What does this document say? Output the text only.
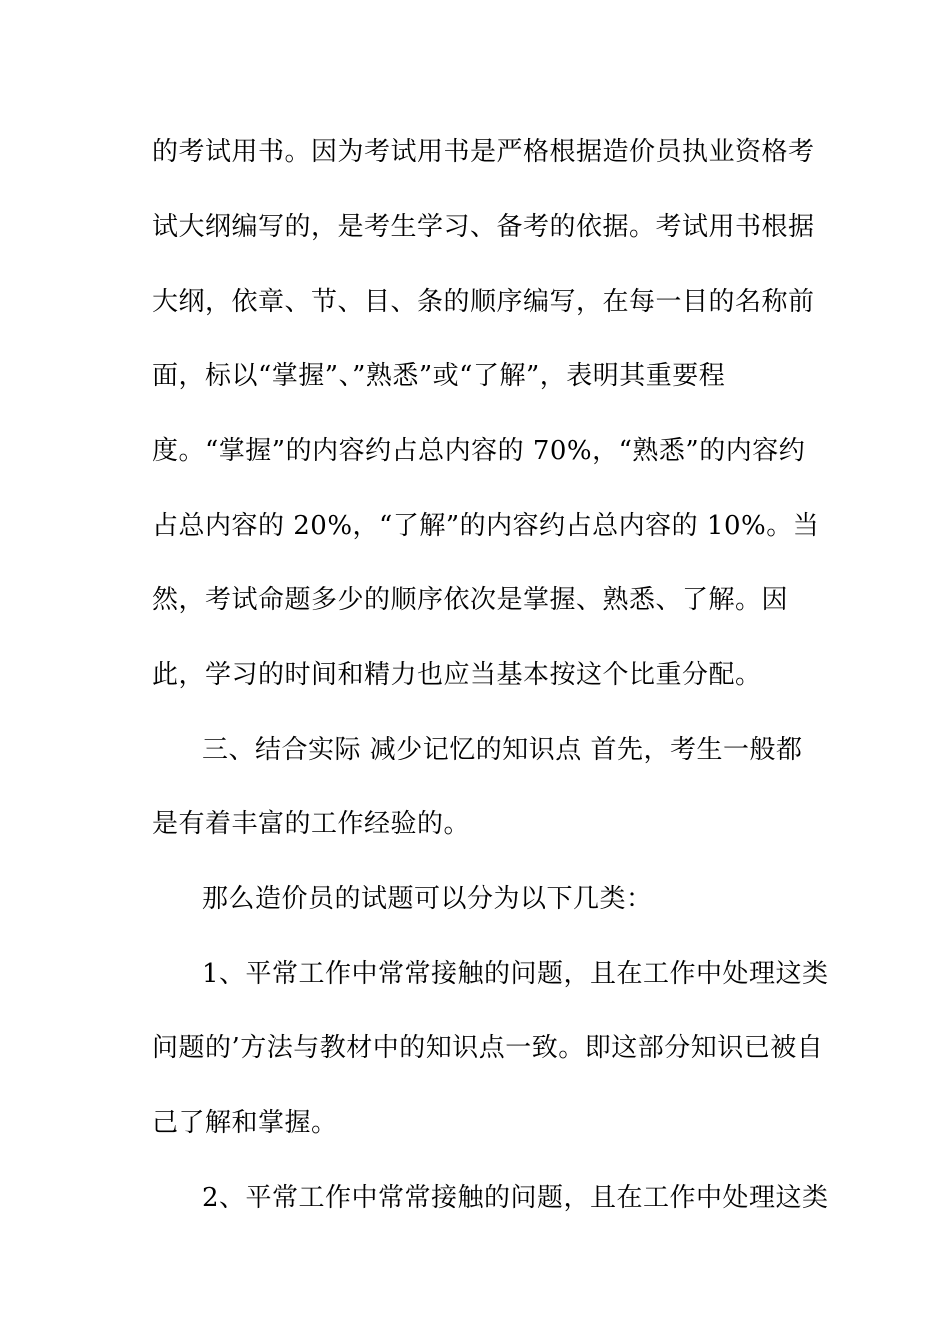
的考试用书。因为考试用书是严格根据造价员执业资格考

试大纲编写的，是考生学习、备考的依据。考试用书根据

大纲，依章、节、目、条的顺序编写，在每一目的名称前

面，标以“掌握”、”熟悉”或“了解”，表明其重要程

度。“掌握”的内容约占总内容的 70%，“熟悉”的内容约

占总内容的 20%，“了解”的内容约占总内容的 10%。当

然，考试命题多少的顺序依次是掌握、熟悉、了解。因

此，学习的时间和精力也应当基本按这个比重分配。

三、结合实际 减少记忆的知识点 首先，考生一般都

是有着丰富的工作经验的。

那么造价员的试题可以分为以下几类：

1、平常工作中常常接触的问题，且在工作中处理这类

问题的’方法与教材中的知识点一致。即这部分知识已被自

己了解和掌握。

2、平常工作中常常接触的问题，且在工作中处理这类
